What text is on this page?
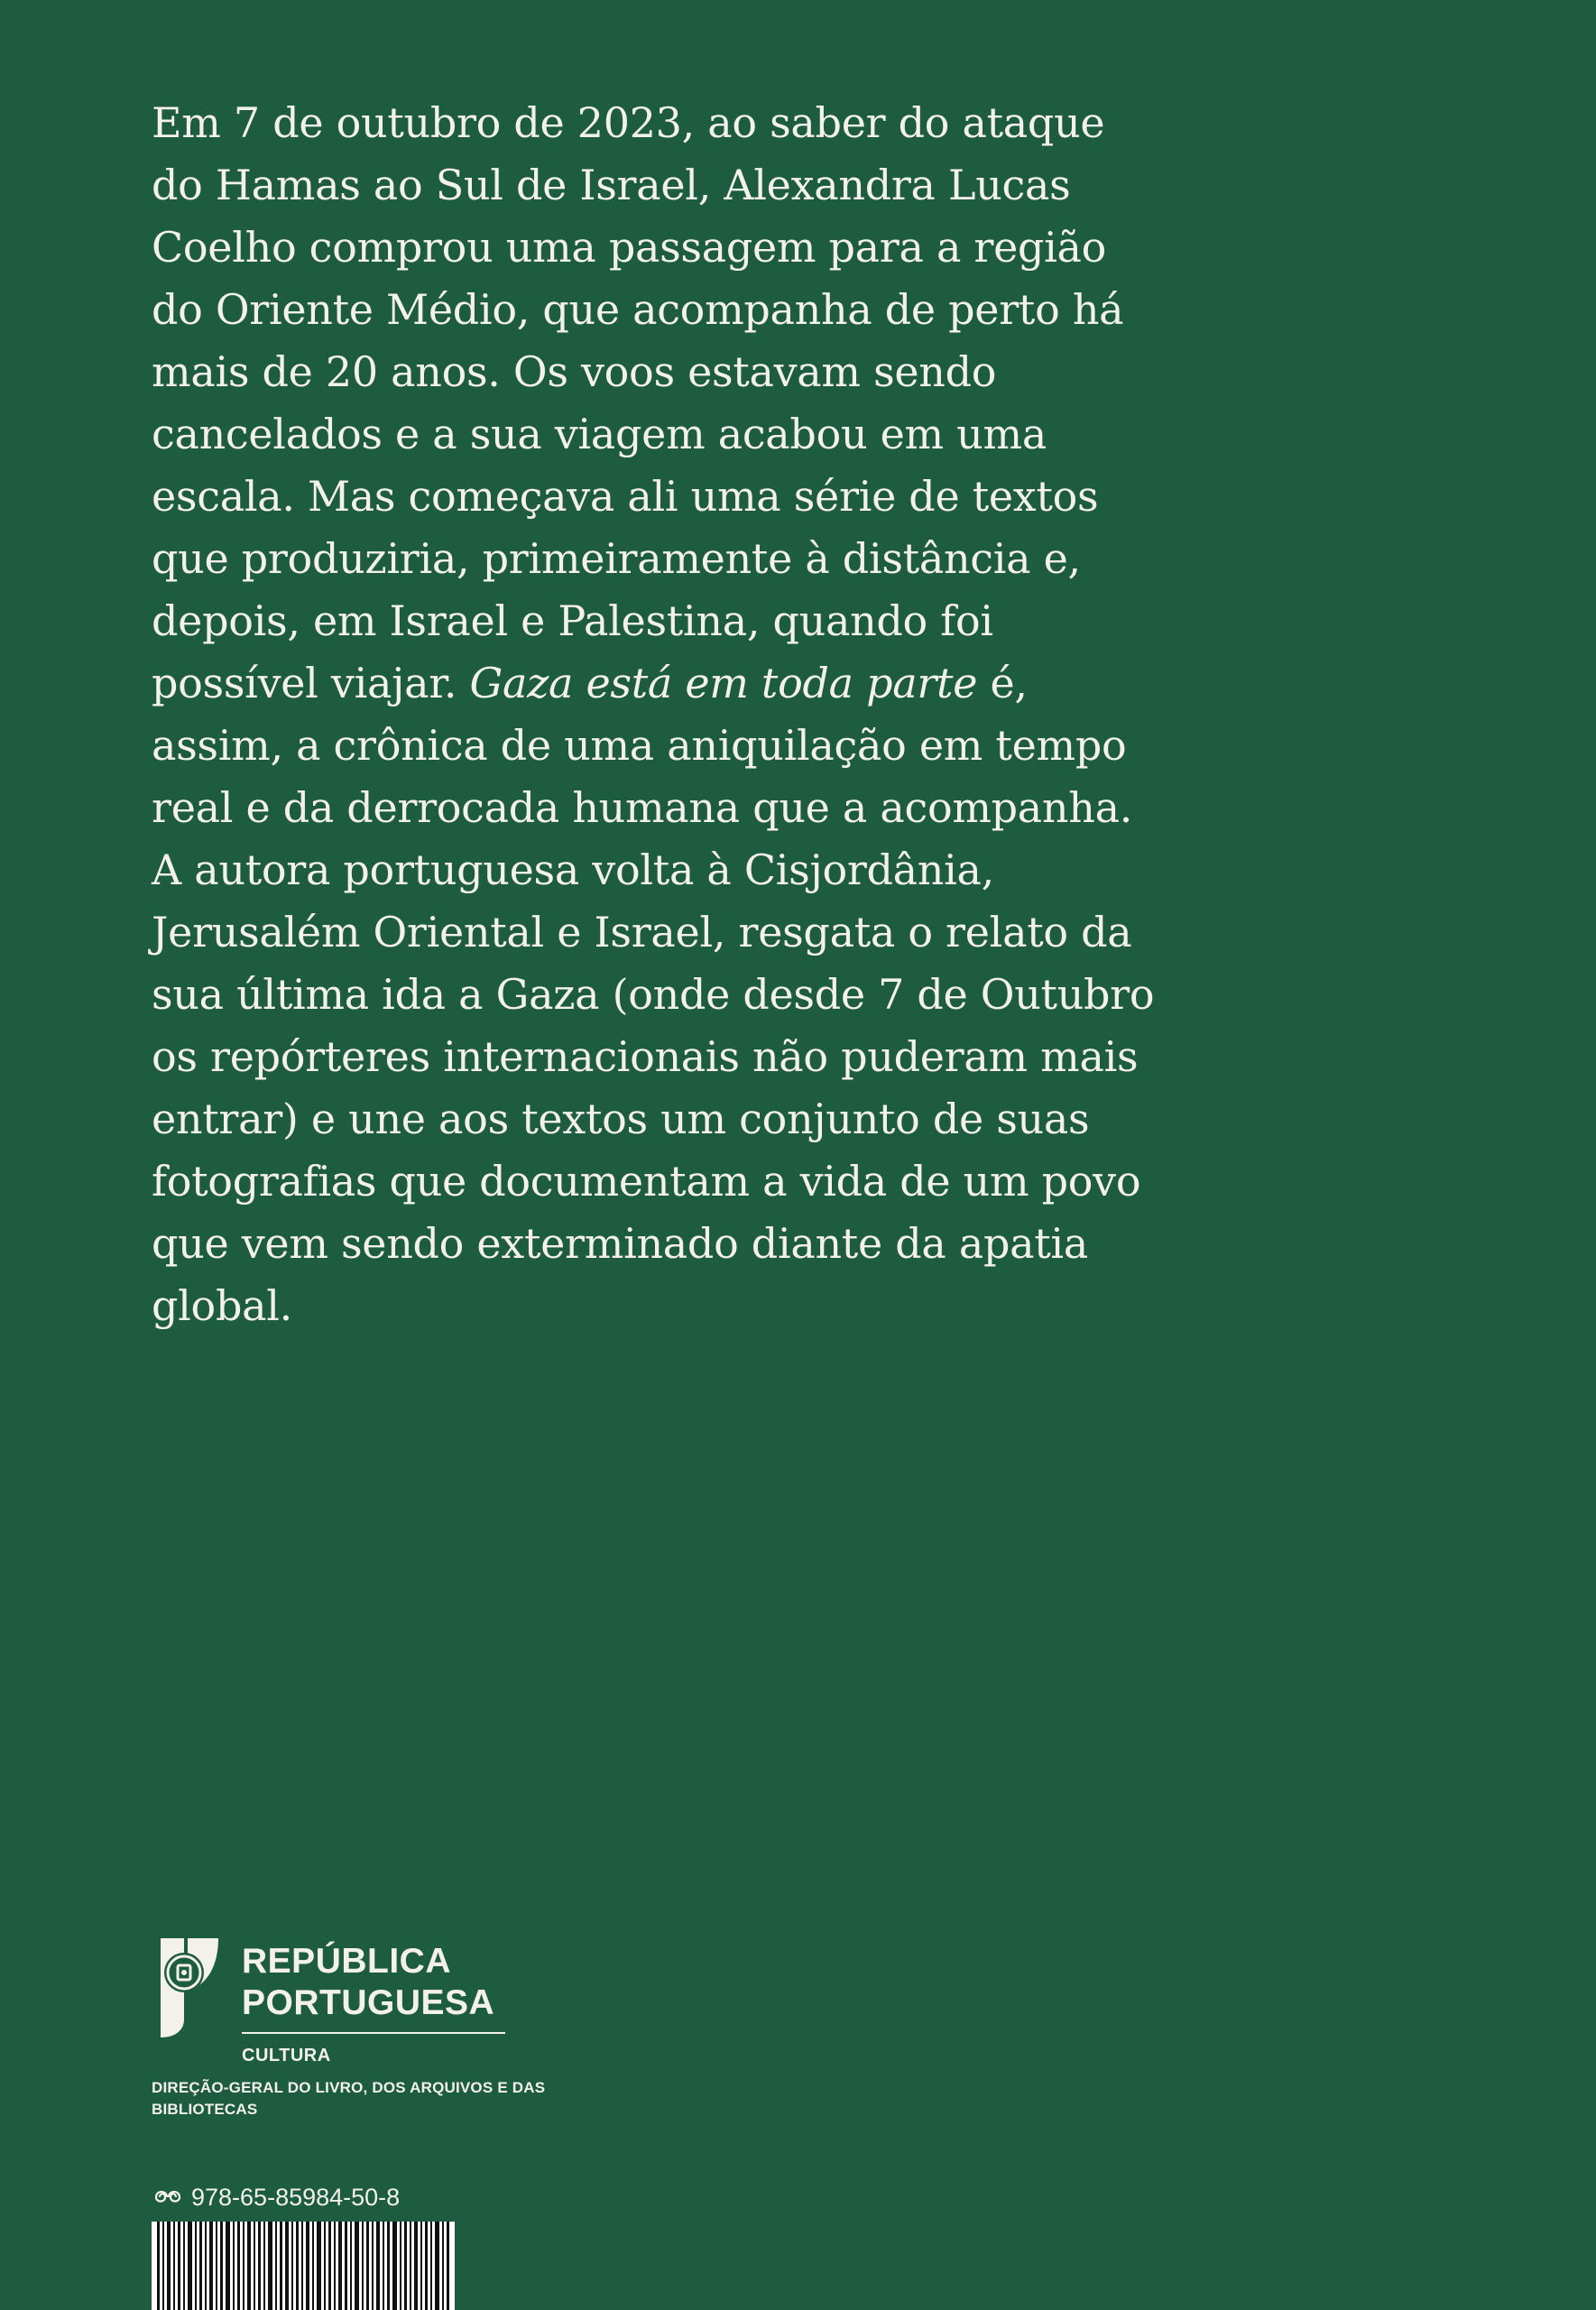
Em 7 de outubro de 2023, ao saber do ataque do Hamas ao Sul de Israel, Alexandra Lucas Coelho comprou uma passagem para a região do Oriente Médio, que acompanha de perto há mais de 20 anos. Os voos estavam sendo cancelados e a sua viagem acabou em uma escala. Mas começava ali uma série de textos que produziria, primeiramente à distância e, depois, em Israel e Palestina, quando foi possível viajar. Gaza está em toda parte é, assim, a crônica de uma aniquilação em tempo real e da derrocada humana que a acompanha. A autora portuguesa volta à Cisjordânia, Jerusalém Oriental e Israel, resgata o relato da sua última ida a Gaza (onde desde 7 de Outubro os repórteres internacionais não puderam mais entrar) e une aos textos um conjunto de suas fotografias que documentam a vida de um povo que vem sendo exterminado diante da apatia global.

REPÚBLICA
PORTUGUESA
CULTURA
DIREÇÃO-GERAL DO LIVRO, DOS ARQUIVOS E DAS BIBLIOTECAS
978-65-85984-50-8
